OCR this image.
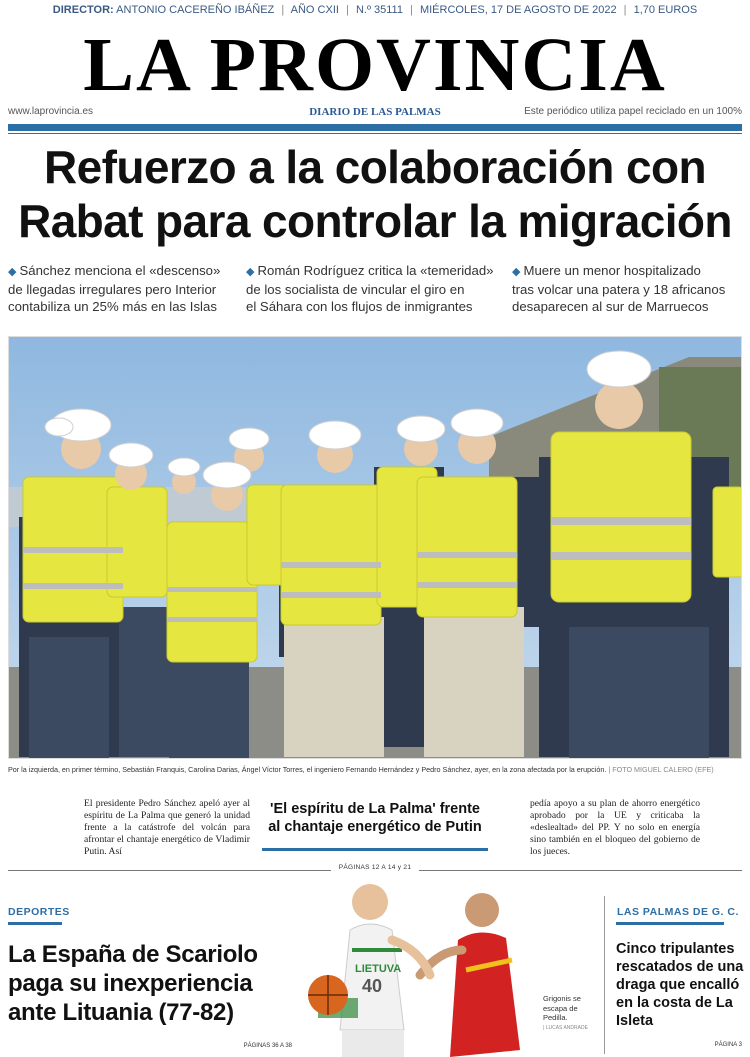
DIRECTOR: ANTONIO CACEREÑO IBÁÑEZ | AÑO CXII | N.º 35111 | MIÉRCOLES, 17 DE AGOSTO DE 2022 | 1,70 EUROS
LA PROVINCIA
www.laprovincia.es	DIARIO DE LAS PALMAS	Este periódico utiliza papel reciclado en un 100%
Refuerzo a la colaboración con
Rabat para controlar la migración
◆ Sánchez menciona el «descenso»
de llegadas irregulares pero Interior
contabiliza un 25% más en las Islas
◆ Román Rodríguez critica la «temeridad»
de los socialista de vincular el giro en
el Sáhara con los flujos de inmigrantes
◆ Muere un menor hospitalizado
tras volcar una patera y 18 africanos
desaparecen al sur de Marruecos
Por la izquierda, en primer término, Sebastián Franquis, Carolina Darias, Ángel Víctor Torres, el ingeniero Fernando Hernández y Pedro Sánchez, ayer, en la zona afectada por la erupción. | FOTO MIGUEL CALERO (EFE)
El presidente Pedro Sánchez apeló ayer al espíritu de La Palma que generó la unidad frente a la catástrofe del volcán para afrontar el chantaje energético de Vladimir Putin. Así
'El espíritu de La Palma' frente al chantaje energético de Putin
pedía apoyo a su plan de ahorro energético aprobado por la UE y criticaba la «deslealtad» del PP. Y no solo en energía sino también en el bloqueo del gobierno de los jueces.
PÁGINAS 12 A 14 y 21
DEPORTES
La España de Scariolo paga su inexperiencia ante Lituania (77-82)
PÁGINAS 36 A 38
LIETUVA
40
Grigonis se escapa de Pedilla.
| LUCAS ANDRADE
LAS PALMAS DE G. C.
Cinco tripulantes rescatados de una draga que encalló en la costa de La Isleta
PÁGINA 3
